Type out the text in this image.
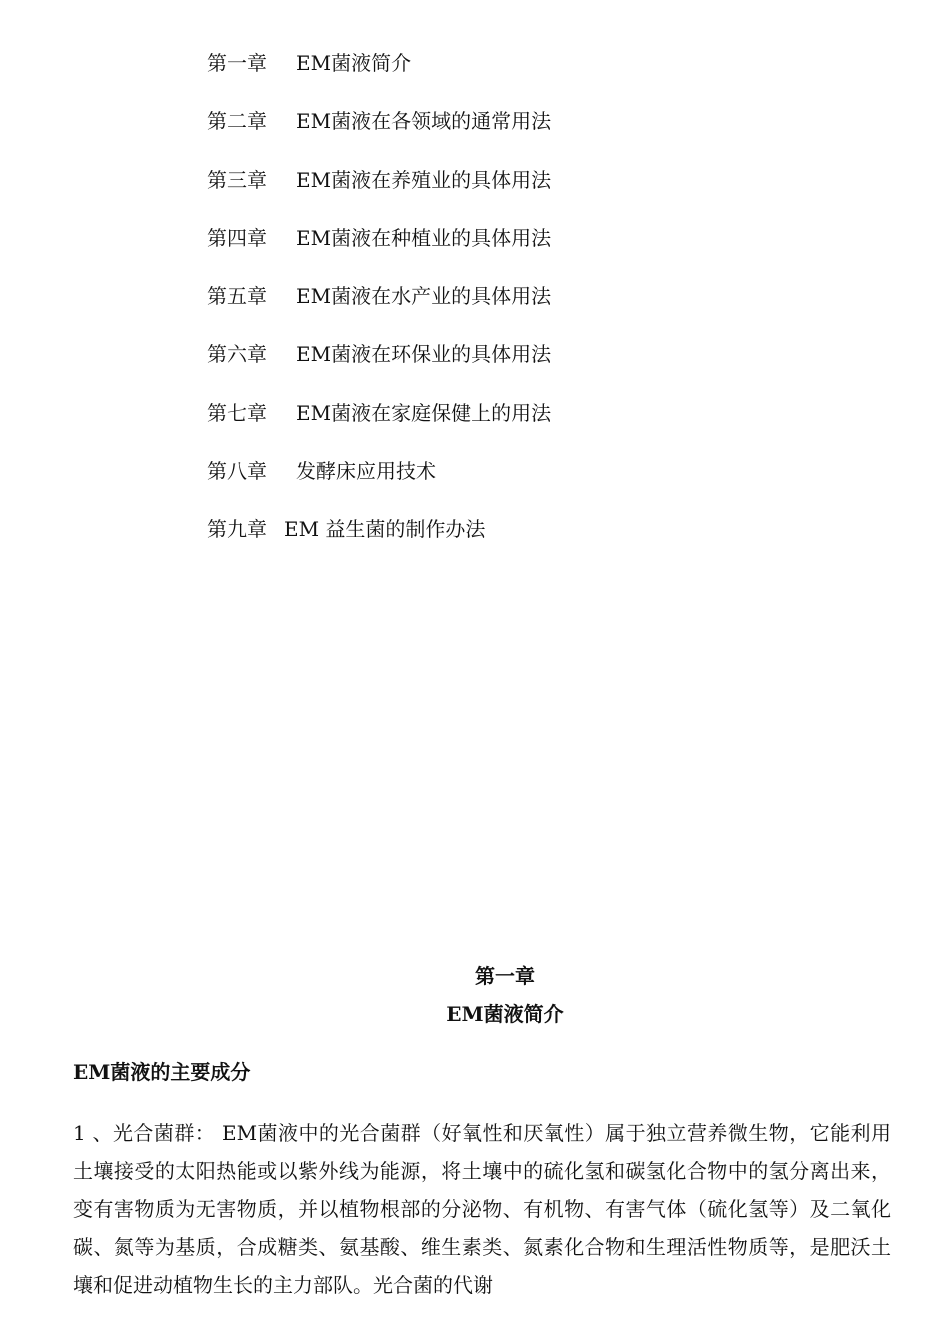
第一章 EM菌液简介
第二章 EM菌液在各领域的通常用法
第三章 EM菌液在养殖业的具体用法
第四章 EM菌液在种植业的具体用法
第五章 EM菌液在水产业的具体用法
第六章 EM菌液在环保业的具体用法
第七章 EM菌液在家庭保健上的用法
第八章 发酵床应用技术
第九章 EM 益生菌的制作办法
第一章
EM菌液简介
EM菌液的主要成分

1 、光合菌群： EM菌液中的光合菌群（好氧性和厌氧性）属于独立营养微生物，它能利用土壤接受的太阳热能或以紫外线为能源，将土壤中的硫化氢和碳氢化合物中的氢分离出来，变有害物质为无害物质，并以植物根部的分泌物、有机物、有害气体（硫化氢等）及二氧化碳、氮等为基质，合成糖类、氨基酸、维生素类、氮素化合物和生理活性物质等，是肥沃土壤和促进动植物生长的主力部队。光合菌的代谢
